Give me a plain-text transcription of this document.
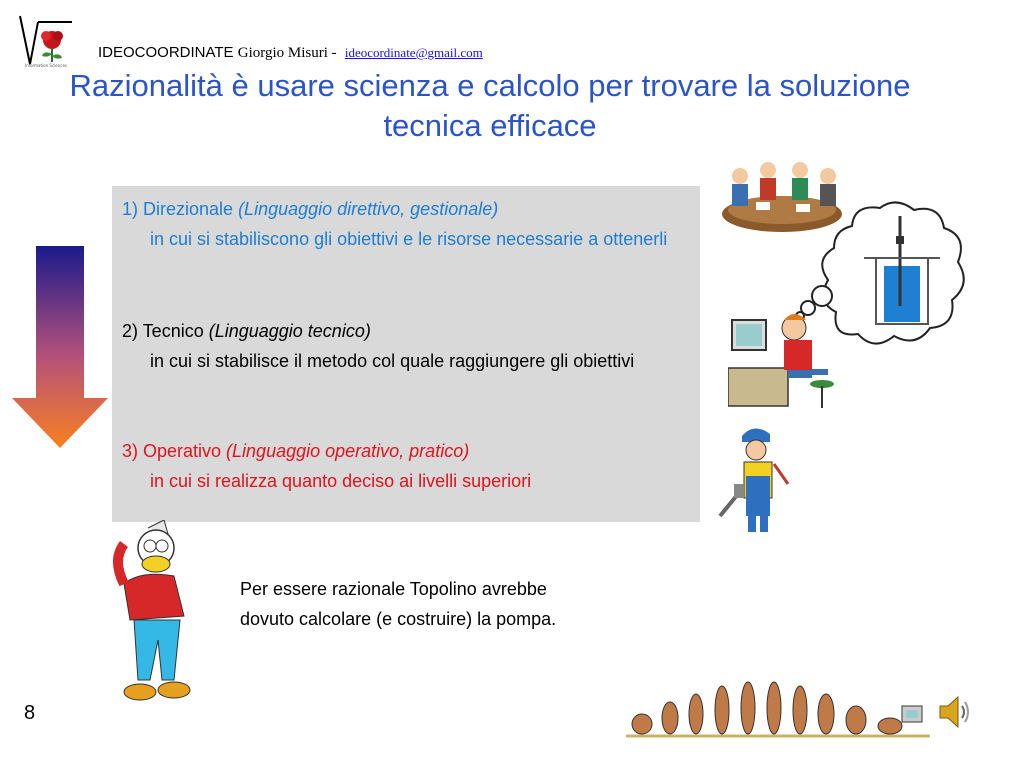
Information Sciences
IDEOCOORDINATE Giorgio Misuri - ideocordinate@gmail.com
Razionalità è usare scienza e calcolo per trovare la soluzione tecnica efficace
1) Direzionale (Linguaggio direttivo, gestionale)
in cui si stabiliscono gli obiettivi e le risorse necessarie a ottenerli
2) Tecnico (Linguaggio tecnico)
in cui si stabilisce il metodo col quale raggiungere gli obiettivi
3) Operativo (Linguaggio operativo, pratico)
in cui si realizza quanto deciso ai livelli superiori
Per essere razionale Topolino avrebbe dovuto calcolare (e costruire) la pompa.
8
